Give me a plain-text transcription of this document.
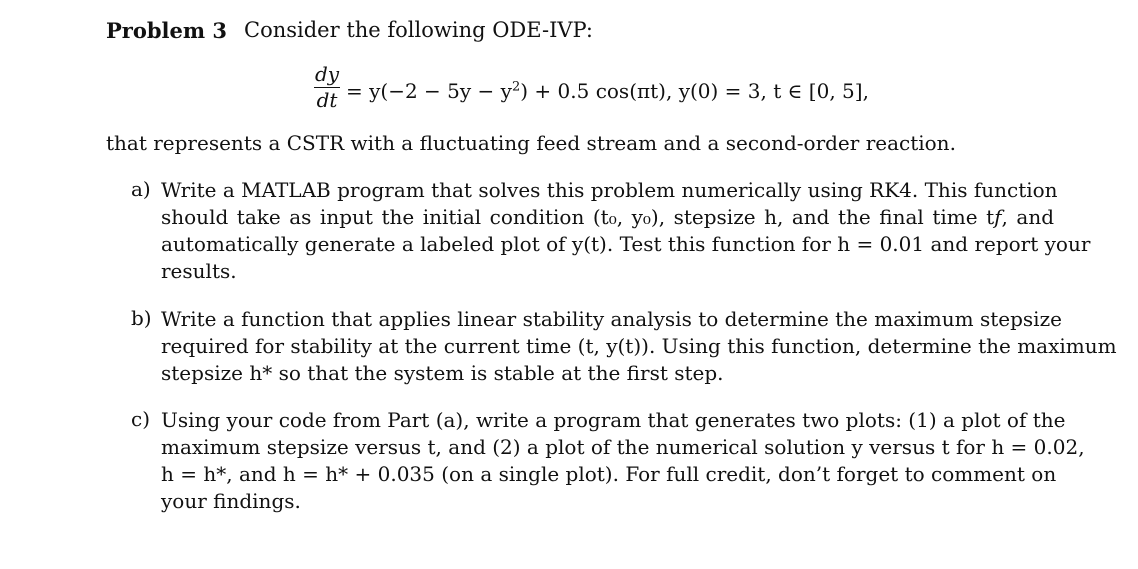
Problem 3 Consider the following ODE-IVP:
dy
dt = $y(-2 - 5y - y^2) + 0.5$ cos(πt), y(0) = 3, t ∈ [0, 5],
that represents a CSTR with a fluctuating feed stream and a second-order reaction.
a) Write a MATLAB program that solves this problem numerically using RK4. This function
should take as input the initial condition (t₀, y₀), stepsize h, and the final time t𝑓, and
automatically generate a labeled plot of y(t). Test this function for h = 0.01 and report your
results.
b) Write a function that applies linear stability analysis to determine the maximum stepsize
required for stability at the current time (t, y(t)). Using this function, determine the maximum
stepsize h* so that the system is stable at the first step.
c) Using your code from Part (a), write a program that generates two plots: (1) a plot of the
maximum stepsize versus t, and (2) a plot of the numerical solution y versus t for h = 0.02,
h = h*, and h = h* + 0.035 (on a single plot). For full credit, don’t forget to comment on
your findings.
